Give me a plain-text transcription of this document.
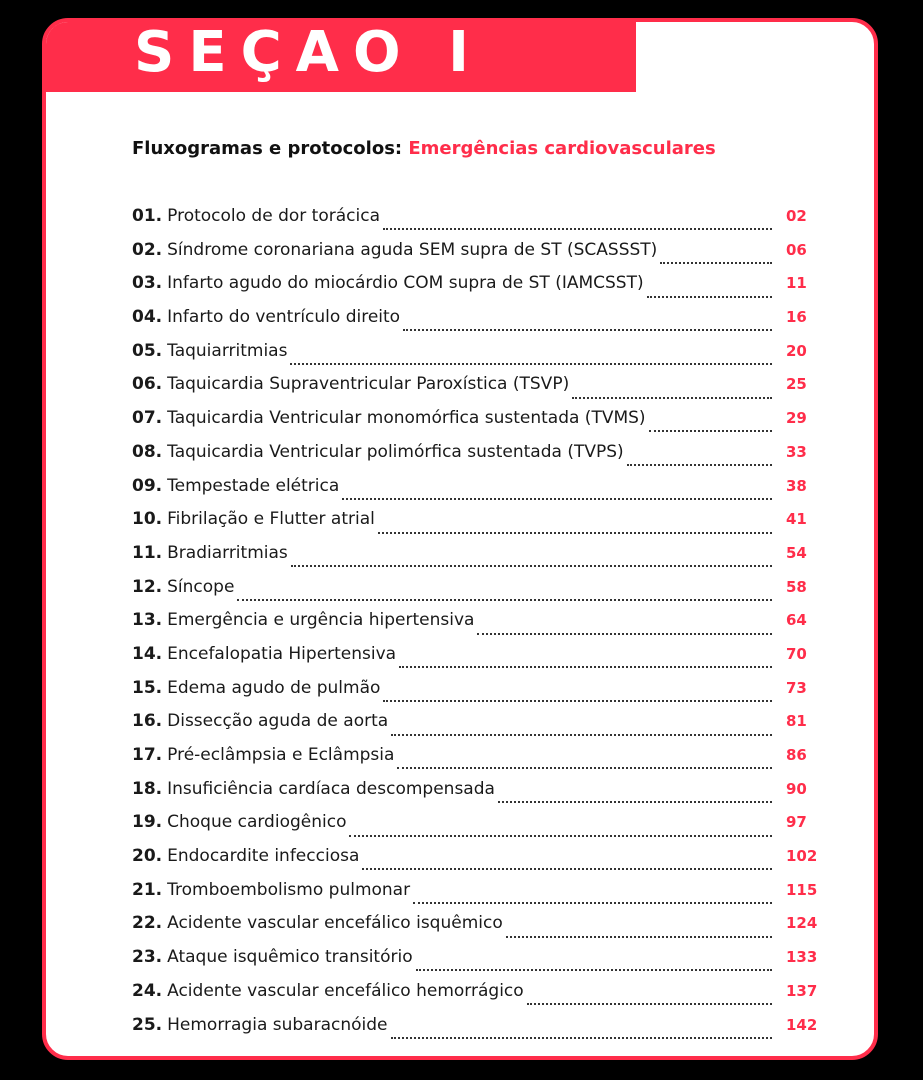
SEÇAO I
Fluxogramas e protocolos: Emergências cardiovasculares
01. Protocolo de dor torácica	02
02. Síndrome coronariana aguda SEM supra de ST (SCASSST)	06
03. Infarto agudo do miocárdio COM supra de ST (IAMCSST)	11
04. Infarto do ventrículo direito	16
05. Taquiarritmias	20
06. Taquicardia Supraventricular Paroxística (TSVP)	25
07. Taquicardia Ventricular monomórfica sustentada (TVMS)	29
08. Taquicardia Ventricular polimórfica sustentada (TVPS)	33
09. Tempestade elétrica	38
10. Fibrilação e Flutter atrial	41
11. Bradiarritmias	54
12. Síncope	58
13. Emergência e urgência hipertensiva	64
14. Encefalopatia Hipertensiva	70
15. Edema agudo de pulmão	73
16. Dissecção aguda de aorta	81
17. Pré-eclâmpsia e Eclâmpsia	86
18. Insuficiência cardíaca descompensada	90
19. Choque cardiogênico	97
20. Endocardite infecciosa	102
21. Tromboembolismo pulmonar	115
22. Acidente vascular encefálico isquêmico	124
23. Ataque isquêmico transitório	133
24. Acidente vascular encefálico hemorrágico	137
25. Hemorragia subaracnóide	142
